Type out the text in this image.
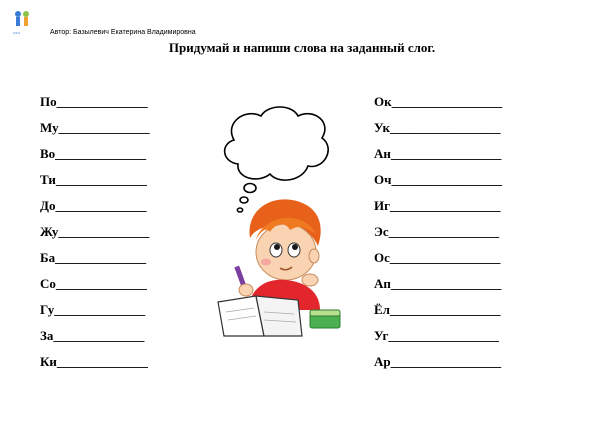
•••••	Автор: Базылевич Екатерина Владимировна
Придумай и напиши слова на заданный слог.
По______________
Му______________
Во______________
Ти______________
До______________
Жу______________
Ба______________
Со______________
Гу______________
За______________
Ки______________
Ок_________________
Ук_________________
Ан_________________
Оч_________________
Иг_________________
Эс_________________
Ос_________________
Ап_________________
Ёл_________________
Уг_________________
Ар_________________
